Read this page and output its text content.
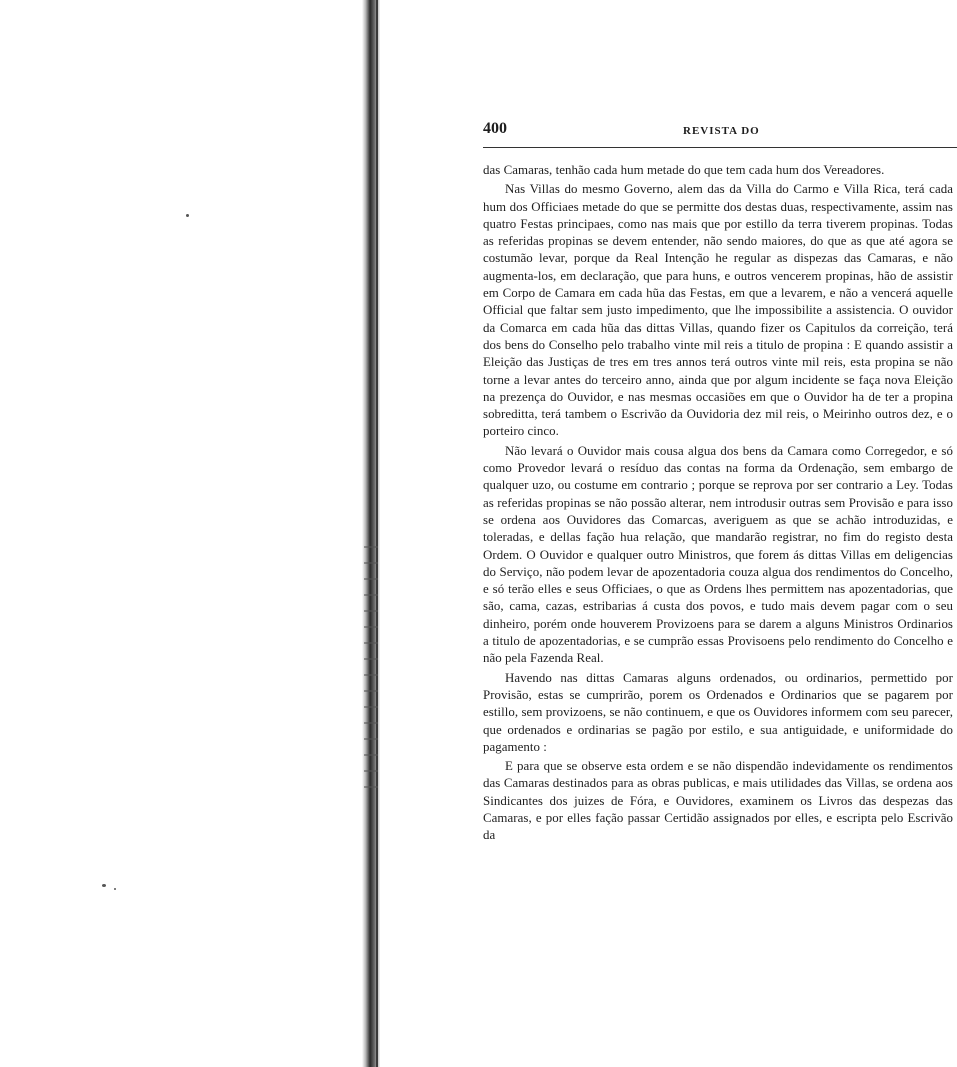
400	REVISTA DO

das Camaras, tenhão cada hum metade do que tem cada hum dos Vereadores.

Nas Villas do mesmo Governo, alem das da Villa do Carmo e Villa Rica, terá cada hum dos Officiaes metade do que se permitte dos destas duas, respectivamente, assim nas quatro Festas principaes, como nas mais que por estillo da terra tiverem propinas. Todas as referidas propinas se devem entender, não sendo maiores, do que as que até agora se costumão levar, porque da Real Intenção he regular as dispezas das Camaras, e não augmenta-los, em declaração, que para huns, e outros vencerem propinas, hão de assistir em Corpo de Camara em cada hũa das Festas, em que a levarem, e não a vencerá aquelle Official que faltar sem justo impedimento, que lhe impossibilite a assistencia. O ouvidor da Comarca em cada hũa das dittas Villas, quando fizer os Capitulos da correição, terá dos bens do Conselho pelo trabalho vinte mil reis a titulo de propina : E quando assistir a Eleição das Justiças de tres em tres annos terá outros vinte mil reis, esta propina se não torne a levar antes do terceiro anno, ainda que por algum incidente se faça nova Eleição na prezença do Ouvidor, e nas mesmas occasiões em que o Ouvidor ha de ter a propina sobreditta, terá tambem o Escrivão da Ouvidoria dez mil reis, o Meirinho outros dez, e o porteiro cinco.

Não levará o Ouvidor mais cousa algua dos bens da Camara como Corregedor, e só como Provedor levará o resíduo das contas na forma da Ordenação, sem embargo de qualquer uzo, ou costume em contrario ; porque se reprova por ser contrario a Ley. Todas as referidas propinas se não possão alterar, nem introdusir outras sem Provisão e para isso se ordena aos Ouvidores das Comarcas, averiguem as que se achão introduzidas, e toleradas, e dellas fação hua relação, que mandarão registrar, no fim do registo desta Ordem. O Ouvidor e qualquer outro Ministros, que forem ás dittas Villas em deligencias do Serviço, não podem levar de apozentadoria couza algua dos rendimentos do Concelho, e só terão elles e seus Officiaes, o que as Ordens lhes permittem nas apozentadorias, que são, cama, cazas, estribarias á custa dos povos, e tudo mais devem pagar com o seu dinheiro, porém onde houverem Provizoens para se darem a alguns Ministros Ordinarios a titulo de apozentadorias, e se cumprão essas Provisoens pelo rendimento do Concelho e não pela Fazenda Real.

Havendo nas dittas Camaras alguns ordenados, ou ordinarios, permettido por Provisão, estas se cumprirão, porem os Ordenados e Ordinarios que se pagarem por estillo, sem provizoens, se não continuem, e que os Ouvidores informem com seu parecer, que ordenados e ordinarias se pagão por estilo, e sua antiguidade, e uniformidade do pagamento :

E para que se observe esta ordem e se não dispendão indevidamente os rendimentos das Camaras destinados para as obras publicas, e mais utilidades das Villas, se ordena aos Sindicantes dos juizes de Fóra, e Ouvidores, examinem os Livros das despezas das Camaras, e por elles fação passar Certidão assignados por elles, e escripta pelo Escrivão da
